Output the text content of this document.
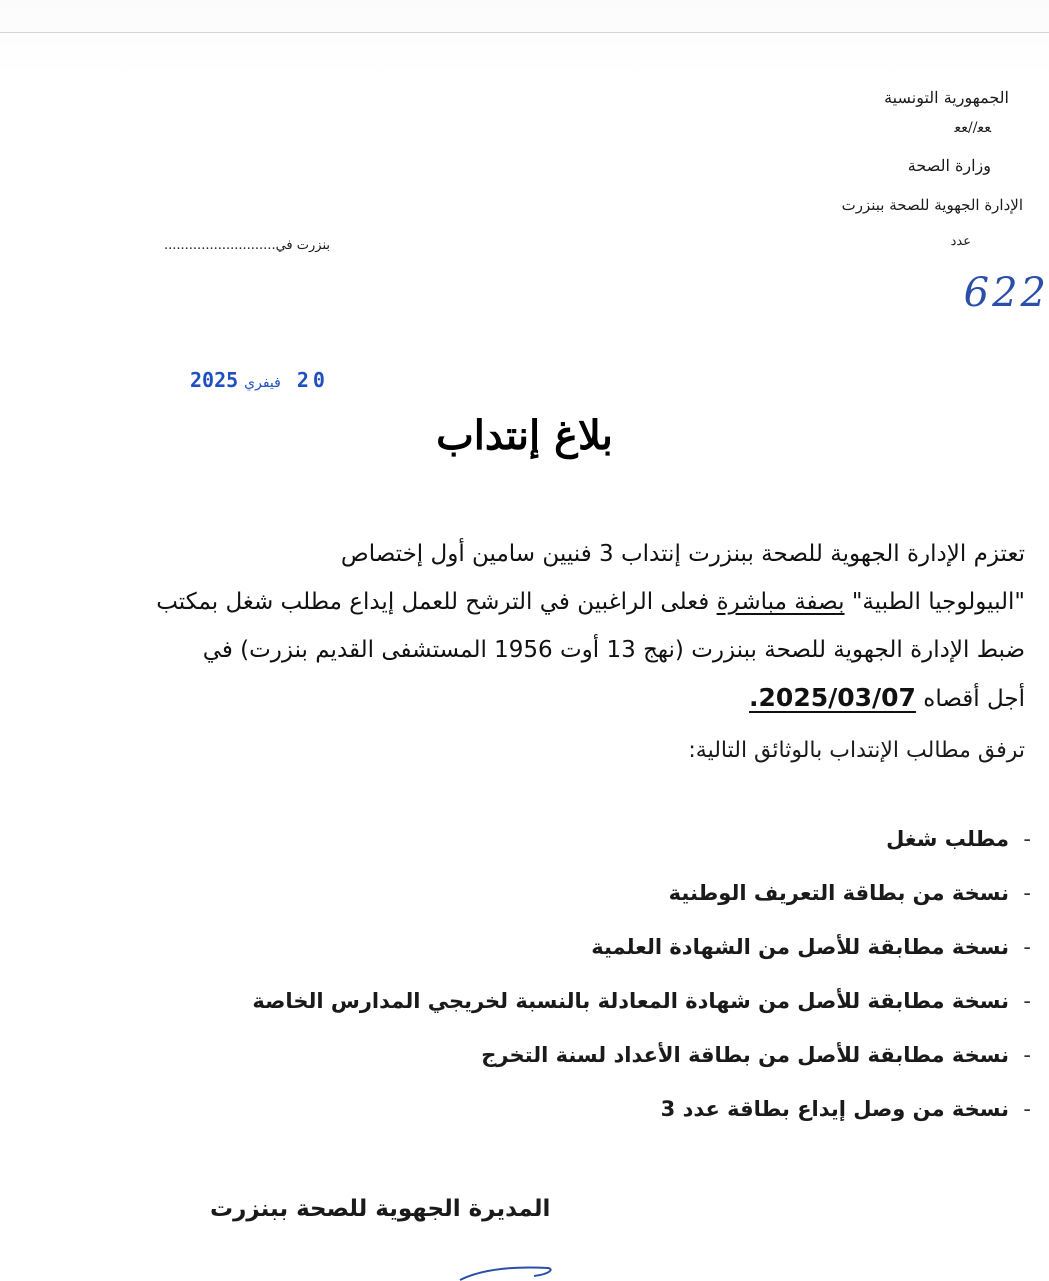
الجمهورية التونسية
ﻌﻌ//ﻌﻌ
وزارة الصحة
الإدارة الجهوية للصحة ببنزرت
عدد
622
بنزرت في...........................
2025 فيفري 20
بلاغ إنتداب
تعتزم الإدارة الجهوية للصحة ببنزرت إنتداب 3 فنيين سامين أول إختصاص
"البيولوجيا الطبية" بصفة مباشرة فعلى الراغبين في الترشح للعمل إيداع مطلب شغل بمكتب
ضبط الإدارة الجهوية للصحة ببنزرت (نهج 13 أوت 1956 المستشفى القديم بنزرت) في
أجل أقصاه 2025/03/07.
ترفق مطالب الإنتداب بالوثائق التالية:
-مطلب شغل
-نسخة من بطاقة التعريف الوطنية
-نسخة مطابقة للأصل من الشهادة العلمية
-نسخة مطابقة للأصل من شهادة المعادلة بالنسبة لخريجي المدارس الخاصة
-نسخة مطابقة للأصل من بطاقة الأعداد لسنة التخرج
-نسخة من وصل إيداع بطاقة عدد 3
المديرة الجهوية للصحة ببنزرت
